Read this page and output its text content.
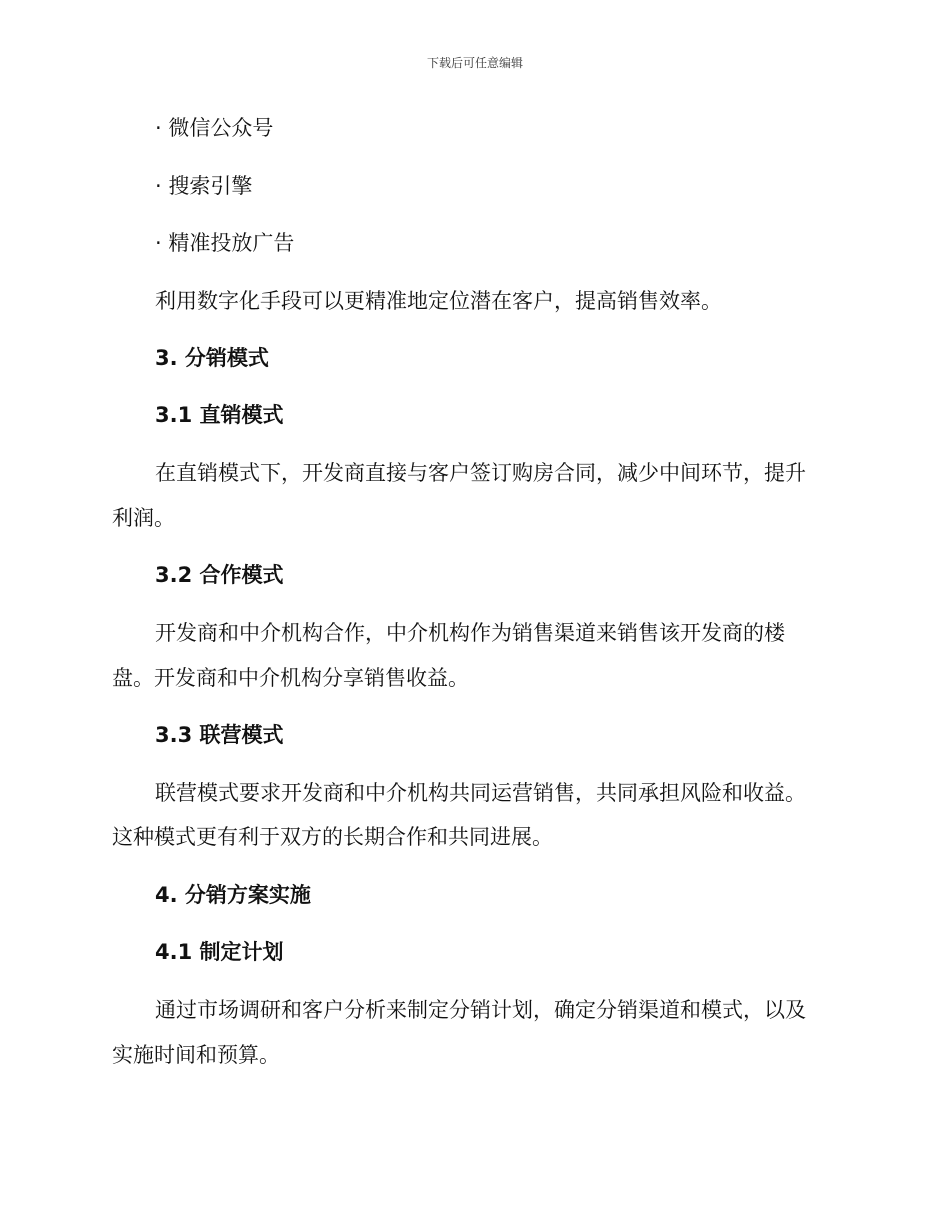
下载后可任意编辑
· 微信公众号
· 搜索引擎
· 精准投放广告
利用数字化手段可以更精准地定位潜在客户，提高销售效率。
3. 分销模式
3.1 直销模式
在直销模式下，开发商直接与客户签订购房合同，减少中间环节，提升
利润。
3.2 合作模式
开发商和中介机构合作，中介机构作为销售渠道来销售该开发商的楼
盘。开发商和中介机构分享销售收益。
3.3 联营模式
联营模式要求开发商和中介机构共同运营销售，共同承担风险和收益。
这种模式更有利于双方的长期合作和共同进展。
4. 分销方案实施
4.1 制定计划
通过市场调研和客户分析来制定分销计划，确定分销渠道和模式，以及
实施时间和预算。
